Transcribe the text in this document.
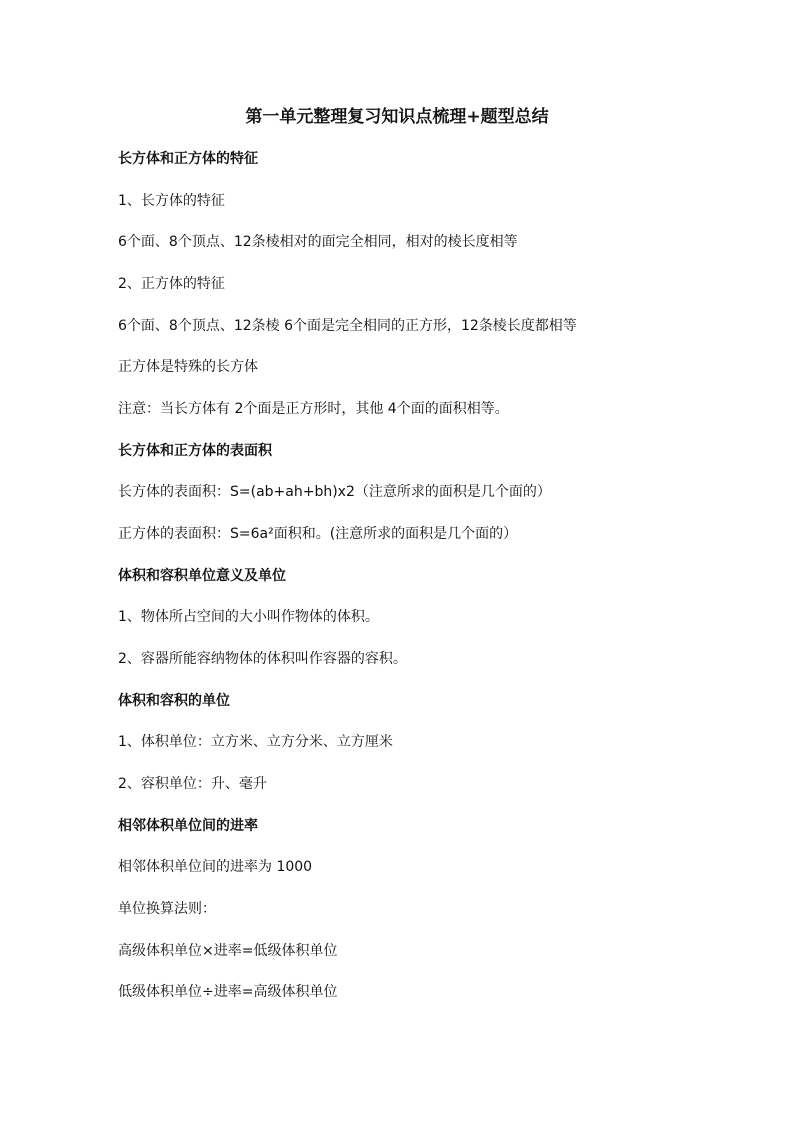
第一单元整理复习知识点梳理+题型总结

长方体和正方体的特征

1、长方体的特征

6个面、8个顶点、12条棱相对的面完全相同，相对的棱长度相等

2、正方体的特征

6个面、8个顶点、12条棱 6个面是完全相同的正方形，12条棱长度都相等

正方体是特殊的长方体

注意：当长方体有 2个面是正方形时，其他 4个面的面积相等。

长方体和正方体的表面积

长方体的表面积：S=(ab+ah+bh)x2（注意所求的面积是几个面的）

正方体的表面积：S=6a²面积和。(注意所求的面积是几个面的）

体积和容积单位意义及单位

1、物体所占空间的大小叫作物体的体积。

2、容器所能容纳物体的体积叫作容器的容积。

体积和容积的单位

1、体积单位：立方米、立方分米、立方厘米

2、容积单位：升、毫升

相邻体积单位间的进率

相邻体积单位间的进率为 1000

单位换算法则：

高级体积单位×进率=低级体积单位

低级体积单位÷进率=高级体积单位
